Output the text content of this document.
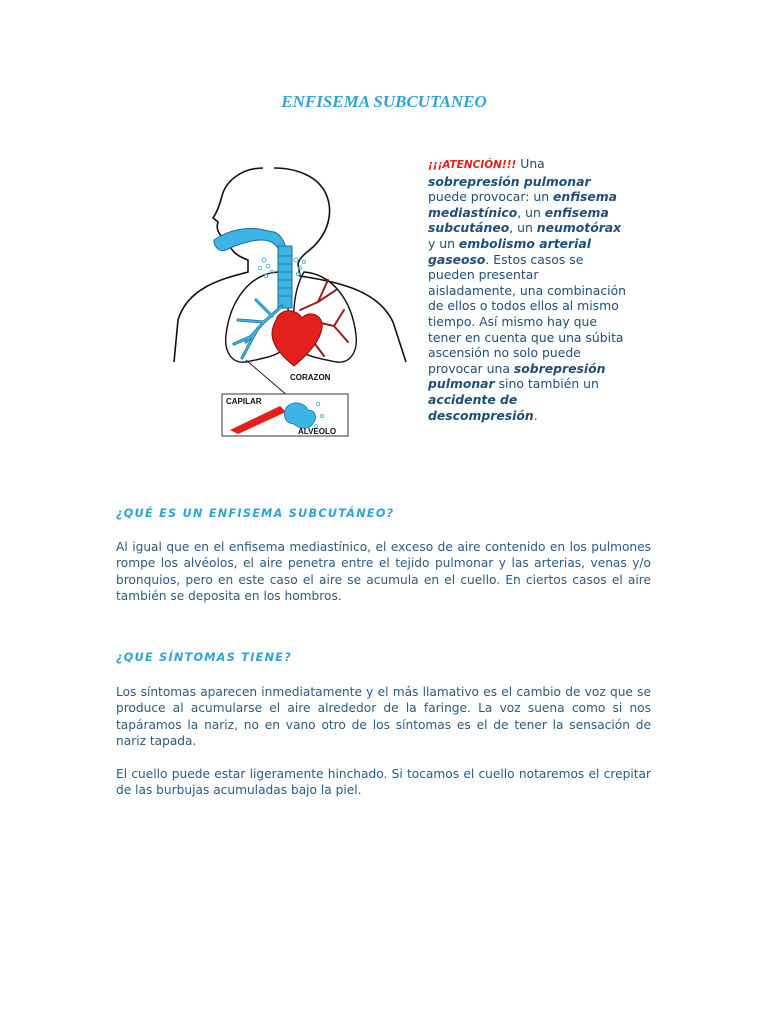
ENFISEMA SUBCUTANEO
CORAZON
CAPILAR
ALVEOLO
¡¡¡ATENCIÓN!!! Una sobrepresión pulmonar puede provocar: un enfisema mediastínico, un enfisema subcutáneo, un neumotórax y un embolismo arterial gaseoso. Estos casos se pueden presentar aisladamente, una combinación de ellos o todos ellos al mismo tiempo. Así mismo hay que tener en cuenta que una súbita ascensión no solo puede provocar una sobrepresión pulmonar sino también un accidente de descompresión.
¿QUÉ ES UN ENFISEMA SUBCUTÁNEO?

Al igual que en el enfisema mediastínico, el exceso de aire contenido en los pulmones rompe los alvéolos, el aire penetra entre el tejido pulmonar y las arterias, venas y/o bronquios, pero en este caso el aire se acumula en el cuello. En ciertos casos el aire también se deposita en los hombros.

¿QUE SÍNTOMAS TIENE?

Los síntomas aparecen inmediatamente y el más llamativo es el cambio de voz que se produce al acumularse el aire alrededor de la faringe. La voz suena como si nos tapáramos la nariz, no en vano otro de los síntomas es el de tener la sensación de nariz tapada.

El cuello puede estar ligeramente hinchado. Si tocamos el cuello notaremos el crepitar de las burbujas acumuladas bajo la piel.
